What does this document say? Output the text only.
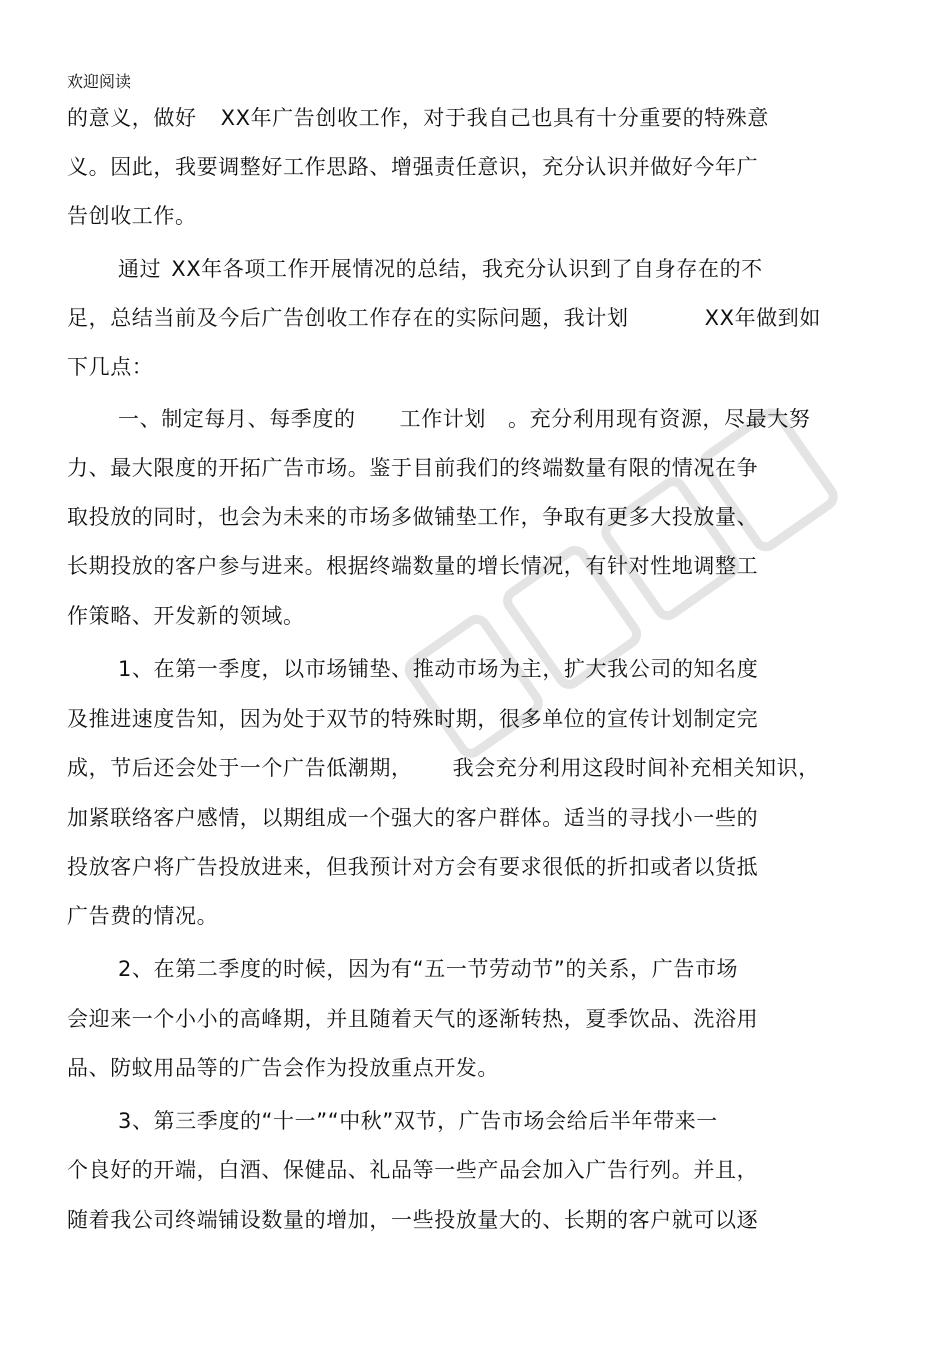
欢迎阅读
的意义，做好 XX年广告创收工作，对于我自己也具有十分重要的特殊意
义。因此，我要调整好工作思路、增强责任意识，充分认识并做好今年广
告创收工作。
通过 XX年各项工作开展情况的总结，我充分认识到了自身存在的不
足，总结当前及今后广告创收工作存在的实际问题，我计划	XX年做到如
下几点：
一、制定每月、每季度的 工作计划 。充分利用现有资源，尽最大努
力、最大限度的开拓广告市场。鉴于目前我们的终端数量有限的情况在争
取投放的同时，也会为未来的市场多做铺垫工作，争取有更多大投放量、
长期投放的客户参与进来。根据终端数量的增长情况，有针对性地调整工
作策略、开发新的领域。
1、在第一季度，以市场铺垫、推动市场为主，扩大我公司的知名度
及推进速度告知，因为处于双节的特殊时期，很多单位的宣传计划制定完
成，节后还会处于一个广告低潮期， 我会充分利用这段时间补充相关知识，
加紧联络客户感情，以期组成一个强大的客户群体。适当的寻找小一些的
投放客户将广告投放进来，但我预计对方会有要求很低的折扣或者以货抵
广告费的情况。
2、在第二季度的时候，因为有“五一节劳动节”的关系，广告市场
会迎来一个小小的高峰期，并且随着天气的逐渐转热，夏季饮品、洗浴用
品、防蚊用品等的广告会作为投放重点开发。
3、第三季度的“十一”“中秋”双节，广告市场会给后半年带来一
个良好的开端，白酒、保健品、礼品等一些产品会加入广告行列。并且，
随着我公司终端铺设数量的增加，一些投放量大的、长期的客户就可以逐
